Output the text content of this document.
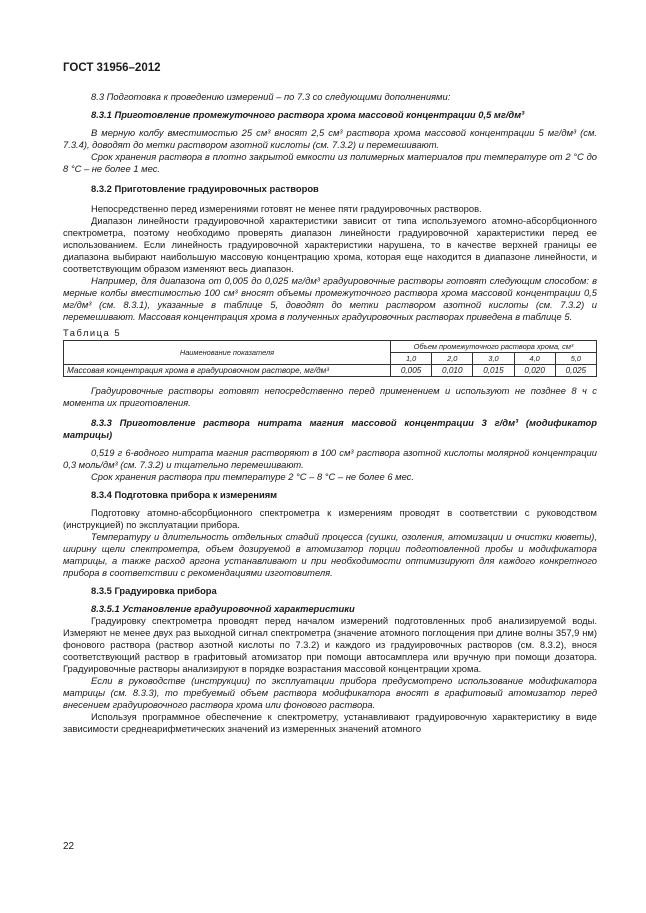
ГОСТ 31956–2012

8.3 Подготовка к проведению измерений – по 7.3 со следующими дополнениями:

8.3.1 Приготовление промежуточного раствора хрома массовой концентрации 0,5 мг/дм³

В мерную колбу вместимостью 25 см³ вносят 2,5 см³ раствора хрома массовой концентрации 5 мг/дм³ (см. 7.3.4), доводят до метки раствором азотной кислоты (см. 7.3.2) и перемешивают.

Срок хранения раствора в плотно закрытой емкости из полимерных материалов при температуре от 2 °С до 8 °С – не более 1 мес.

8.3.2 Приготовление градуировочных растворов

Непосредственно перед измерениями готовят не менее пяти градуировочных растворов.

Диапазон линейности градуировочной характеристики зависит от типа используемого атомно-абсорбционного спектрометра, поэтому необходимо проверять диапазон линейности градуировочной характеристики перед ее использованием. Если линейность градуировочной характеристики нарушена, то в качестве верхней границы ее диапазона выбирают наибольшую массовую концентрацию хрома, которая еще находится в диапазоне линейности, и соответствующим образом изменяют весь диапазон.

Например, для диапазона от 0,005 до 0,025 мг/дм³ градуировочные растворы готовят следующим способом: в мерные колбы вместимостью 100 см³ вносят объемы промежуточного раствора хрома массовой концентрации 0,5 мг/дм³ (см. 8.3.1), указанные в таблице 5, доводят до метки раствором азотной кислоты (см. 7.3.2) и перемешивают. Массовая концентрация хрома в полученных градуировочных растворах приведена в таблице 5.

Таблица 5

Наименование показателя	Объем промежуточного раствора хрома, см³				
	1,0	2,0	3,0	4,0	5,0
Массовая концентрация хрома в градуировочном растворе, мг/дм³	0,005	0,010	0,015	0,020	0,025

Градуировочные растворы готовят непосредственно перед применением и используют не позднее 8 ч с момента их приготовления.

8.3.3 Приготовление раствора нитрата магния массовой концентрации 3 г/дм³ (модификатор матрицы)

0,519 г 6-водного нитрата магния растворяют в 100 см³ раствора азотной кислоты молярной концентрации 0,3 моль/дм³ (см. 7.3.2) и тщательно перемешивают.

Срок хранения раствора при температуре 2 °С – 8 °С – не более 6 мес.

8.3.4 Подготовка прибора к измерениям

Подготовку атомно-абсорбционного спектрометра к измерениям проводят в соответствии с руководством (инструкцией) по эксплуатации прибора.

Температуру и длительность отдельных стадий процесса (сушки, озоления, атомизации и очистки кюветы), ширину щели спектрометра, объем дозируемой в атомизатор порции подготовленной пробы и модификатора матрицы, а также расход аргона устанавливают и при необходимости оптимизируют для каждого конкретного прибора в соответствии с рекомендациями изготовителя.

8.3.5 Градуировка прибора

8.3.5.1 Установление градуировочной характеристики

Градуировку спектрометра проводят перед началом измерений подготовленных проб анализируемой воды. Измеряют не менее двух раз выходной сигнал спектрометра (значение атомного поглощения при длине волны 357,9 нм) фонового раствора (раствор азотной кислоты по 7.3.2) и каждого из градуировочных растворов (см. 8.3.2), внося соответствующий раствор в графитовый атомизатор при помощи автосамплера или вручную при помощи дозатора. Градуировочные растворы анализируют в порядке возрастания массовой концентрации хрома.

Если в руководстве (инструкции) по эксплуатации прибора предусмотрено использование модификатора матрицы (см. 8.3.3), то требуемый объем раствора модификатора вносят в графитовый атомизатор перед внесением градуировочного раствора хрома или фонового раствора.

Используя программное обеспечение к спектрометру, устанавливают градуировочную характеристику в виде зависимости среднеарифметических значений из измеренных значений атомного

22
